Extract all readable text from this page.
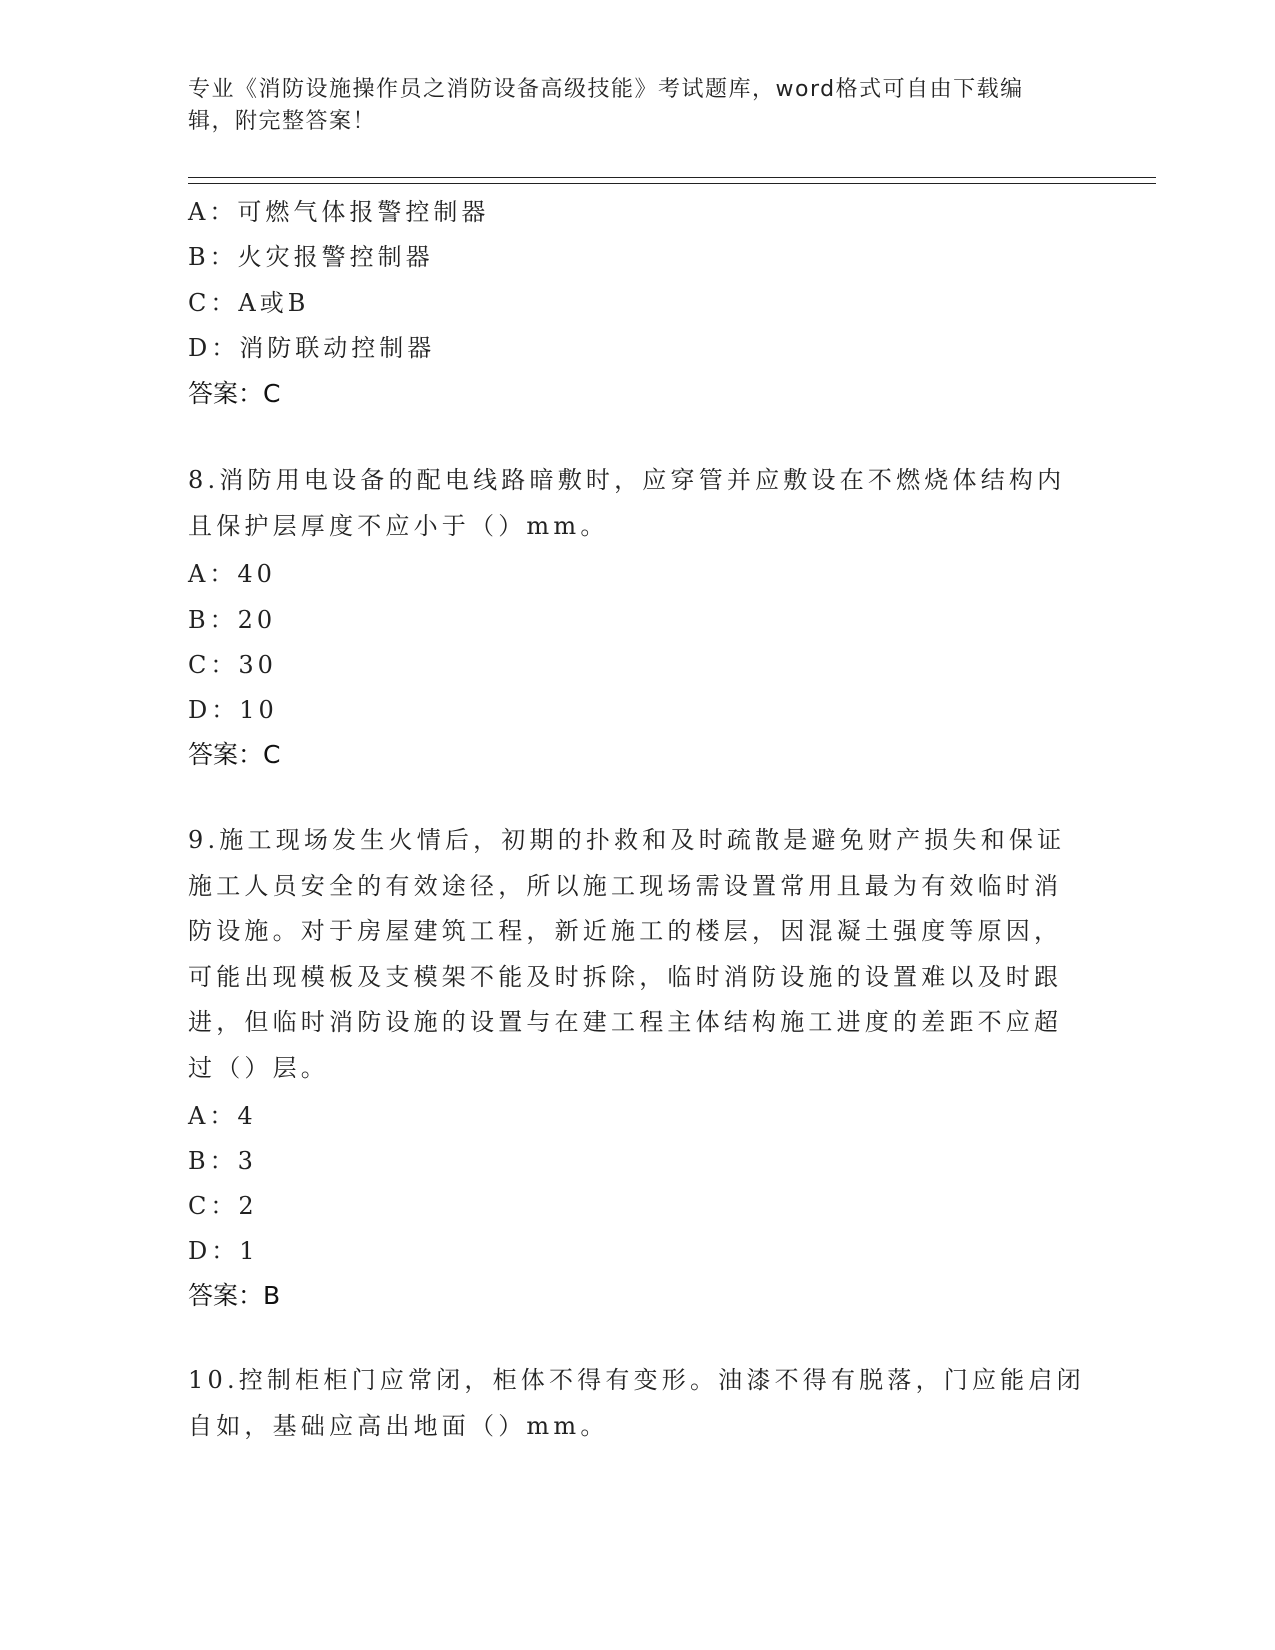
专业《消防设施操作员之消防设备高级技能》考试题库，word格式可自由下载编辑，附完整答案！
A：可燃气体报警控制器
B：火灾报警控制器
C：A或B
D：消防联动控制器
答案：C
8.消防用电设备的配电线路暗敷时，应穿管并应敷设在不燃烧体结构内且保护层厚度不应小于（）mm。
A：40
B：20
C：30
D：10
答案：C
9.施工现场发生火情后，初期的扑救和及时疏散是避免财产损失和保证施工人员安全的有效途径，所以施工现场需设置常用且最为有效临时消防设施。对于房屋建筑工程，新近施工的楼层，因混凝土强度等原因，可能出现模板及支模架不能及时拆除，临时消防设施的设置难以及时跟进，但临时消防设施的设置与在建工程主体结构施工进度的差距不应超过（）层。
A：4
B：3
C：2
D：1
答案：B
10.控制柜柜门应常闭，柜体不得有变形。油漆不得有脱落，门应能启闭自如，基础应高出地面（）mm。
